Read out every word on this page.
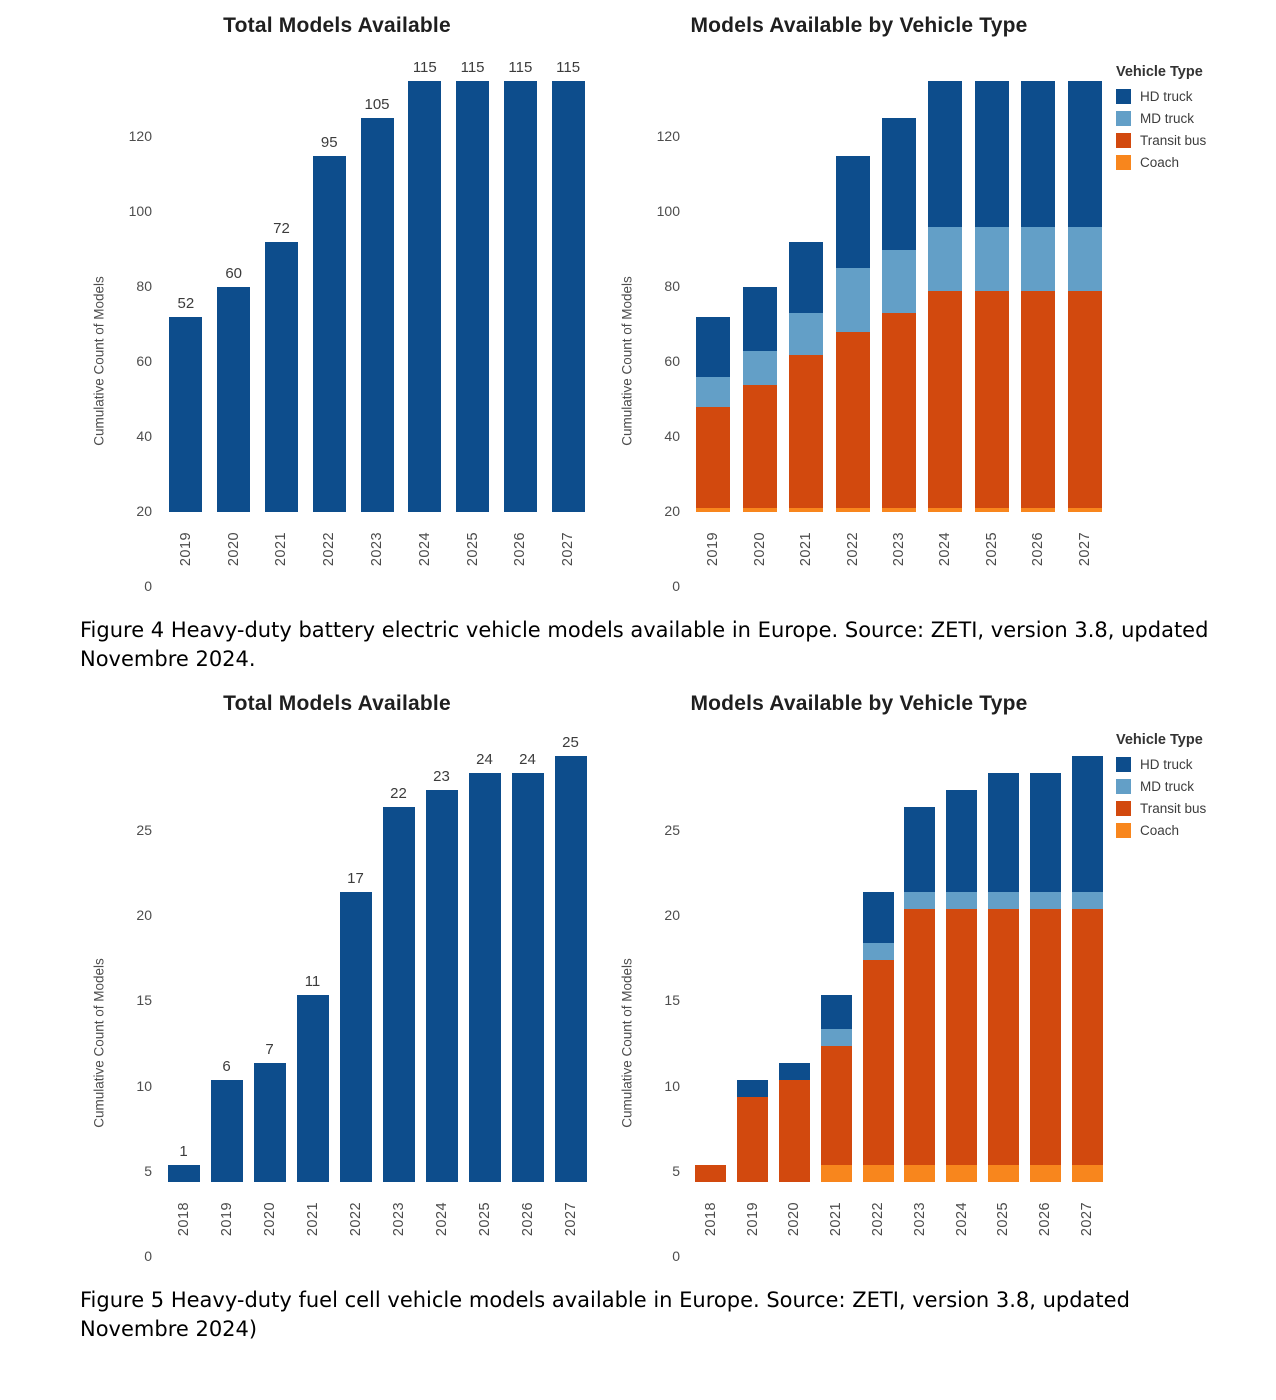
Total Models Available
Cumulative Count of Models
0
20
40
60
80
100
120
52
60
72
95
105
115 115 115 115
2019 2020 2021 2022 2023 2024 2025 2026 2027
Models Available by Vehicle Type
Cumulative Count of Models
0
20
40
60
80
100
120
2019 2020 2021 2022 2023 2024 2025 2026 2027
Vehicle Type
HD truck
MD truck
Transit bus
Coach

Figure 4 Heavy-duty battery electric vehicle models available in Europe. Source: ZETI, version 3.8, updated Novembre 2024.

Total Models Available
Cumulative Count of Models
0
5
10
15
20
25
1
6
7
11
17
22
23
24 24
25
2018 2019 2020 2021 2022 2023 2024 2025 2026 2027
Models Available by Vehicle Type
Cumulative Count of Models
0
5
10
15
20
25
2018 2019 2020 2021 2022 2023 2024 2025 2026 2027
Vehicle Type
HD truck
MD truck
Transit bus
Coach

Figure 5 Heavy-duty fuel cell vehicle models available in Europe. Source: ZETI, version 3.8, updated Novembre 2024)
